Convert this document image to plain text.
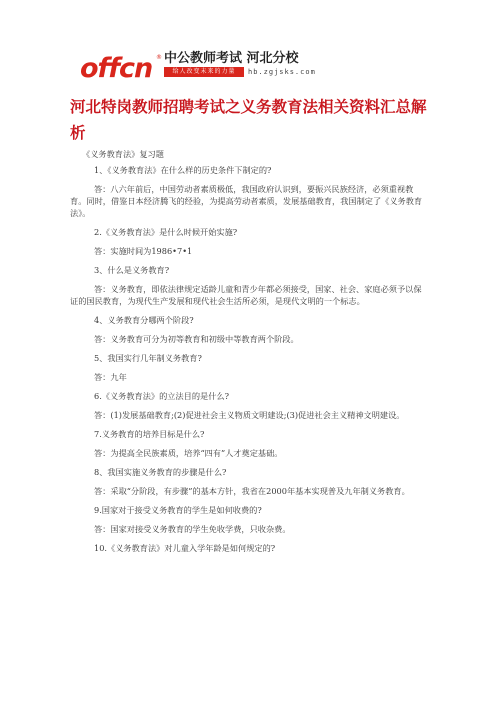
offcn ® 中公教师考试 河北分校
给人改变未来的力量	hb.zgjsks.com
河北特岗教师招聘考试之义务教育法相关资料汇总解析
《义务教育法》复习题

1、《义务教育法》在什么样的历史条件下制定的?

答：八六年前后，中国劳动者素质极低，我国政府认识到，要振兴民族经济，必须重视教育。同时，借鉴日本经济腾飞的经验，为提高劳动者素质，发展基础教育，我国制定了《义务教育法》。

2.《义务教育法》是什么时候开始实施?

答：实施时间为1986•7•1

3、什么是义务教育?

答：义务教育，即依法律规定适龄儿童和青少年都必须接受，国家、社会、家庭必须予以保证的国民教育，为现代生产发展和现代社会生活所必须，是现代文明的一个标志。

4、义务教育分哪两个阶段?

答：义务教育可分为初等教育和初级中等教育两个阶段。

5、我国实行几年制义务教育?

答：九年

6.《义务教育法》的立法目的是什么?

答：(1)发展基础教育;(2)促进社会主义物质文明建设;(3)促进社会主义精神文明建设。

7.义务教育的培养目标是什么?

答：为提高全民族素质，培养“四有”人才奠定基础。

8、我国实施义务教育的步骤是什么?

答：采取“分阶段，有步骤”的基本方针，我省在2000年基本实现普及九年制义务教育。

9.国家对于接受义务教育的学生是如何收费的?

答：国家对接受义务教育的学生免收学费，只收杂费。

10.《义务教育法》对儿童入学年龄是如何规定的?
